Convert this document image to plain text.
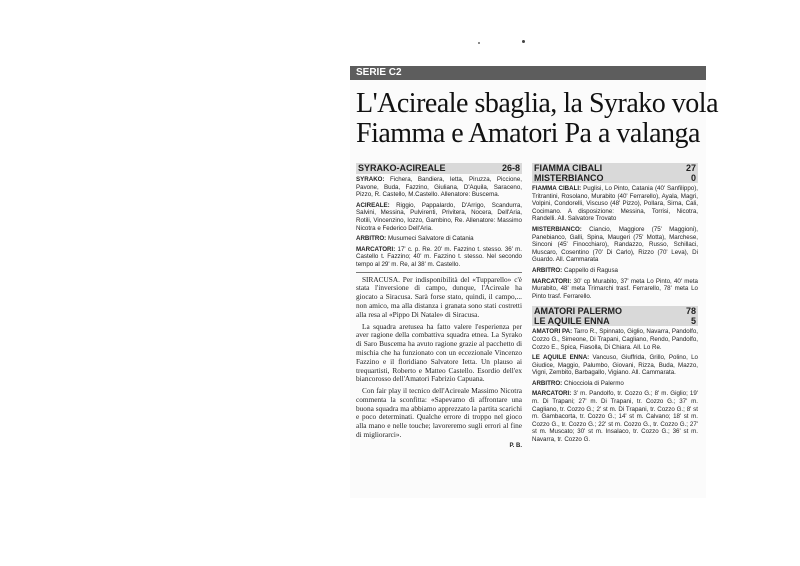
SERIE C2
L'Acireale sbaglia, la Syrako vola
Fiamma e Amatori Pa a valanga
SYRAKO-ACIREALE	26-8

SYRAKO: Fichera, Bandiera, Ietta, Piruzza, Piccione, Pavone, Buda, Fazzino, Giuliana, D'Aquila, Saraceno, Pizzo, R. Castello, M.Castello. Allenatore: Buscema.

ACIREALE: Riggio, Pappalardo, D'Arrigo, Scandurra, Salvini, Messina, Pulvirenti, Privitera, Nocera, Dell'Aria, Rotili, Vincenzino, Iozzo, Gambino, Re. Allenatore: Massimo Nicotra e Federico Dell'Aria.

ARBITRO: Musumeci Salvatore di Catania

MARCATORI: 17' c. p. Re. 20' m. Fazzino t. stesso. 36' m. Castello t. Fazzino; 40' m. Fazzino t. stesso. Nel secondo tempo al 29' m. Re, al 38' m. Castello.

SIRACUSA. Per indisponibilità del «Tupparello» c'è stata l'inversione di campo, dunque, l'Acireale ha giocato a Siracusa. Sarà forse stato, quindi, il campo,... non amico, ma alla distanza i granata sono stati costretti alla resa al «Pippo Di Natale» di Siracusa.

La squadra aretusea ha fatto valere l'esperienza per aver ragione della combattiva squadra etnea. La Syrako di Saro Buscema ha avuto ragione grazie al pacchetto di mischia che ha funzionato con un eccezionale Vincenzo Fazzino e il floridiano Salvatore Ietta. Un plauso ai trequartisti, Roberto e Matteo Castello. Esordio dell'ex biancorosso dell'Amatori Fabrizio Capuana.

Con fair play il tecnico dell'Acireale Massimo Nicotra commenta la sconfitta: «Sapevamo di affrontare una buona squadra ma abbiamo apprezzato la partita scarichi e poco determinati. Qualche errore di troppo nel gioco alla mano e nelle touche; lavoreremo sugli errori al fine di migliorarci».

P. B.
FIAMMA CIBALI	27
MISTERBIANCO	0

FIAMMA CIBALI: Puglisi, Lo Pinto, Catania (40' Sanfilippo), Tritrantini, Rosolano, Murabito (40' Ferrarello), Ayala, Magri, Volpini, Condorelli, Viscuso (48' Pizzo), Pollara, Sirna, Cali, Cocimano. A disposizione: Messina, Torrisi, Nicotra, Randelli. All. Salvatore Trovato

MISTERBIANCO: Ciancio, Maggiore (75' Maggioni), Panebianco, Galli, Spina, Maugeri (75' Motta), Marchese, Sinconi (45' Finocchiaro), Randazzo, Russo, Schillaci, Muscaro, Cosentino (70' Di Carlo), Rizzo (70' Leva), Di Guardo. All. Cammarata

ARBITRO: Cappello di Ragusa

MARCATORI: 30' cp Murabito, 37' meta Lo Pinto, 40' meta Murabito, 48' meta Trimarchi trasf. Ferrarello, 78' meta Lo Pinto trasf. Ferrarello.

AMATORI PALERMO	78
LE AQUILE ENNA	5

AMATORI PA: Tarro R., Spinnato, Giglio, Navarra, Pandolfo, Cozzo G., Simeone, Di Trapani, Cagliano, Rendo, Pandolfo, Cozzo E., Spica, Fiasolla, Di Chiara. All. Lo Re.

LE AQUILE ENNA: Vancuso, Giuffrida, Grillo, Polino, Lo Giudice, Maggio, Palumbo, Giovani, Rizza, Buda, Mazzo, Vigni, Zembito, Barbagallo, Vigiano. All. Cammarata.

ARBITRO: Chiocciola di Palermo

MARCATORI: 3' m. Pandolfo, tr. Cozzo G.; 8' m. Giglio; 19' m. Di Trapani; 27' m. Di Trapani, tr. Cozzo G.; 37' m. Cagliano, tr. Cozzo G.; 2' st m. Di Trapani, tr. Cozzo G.; 8' st m. Gambacorta, tr. Cozzo G.; 14' st m. Calvano; 18' st m. Cozzo G., tr. Cozzo G.; 22' st m. Cozzo G., tr. Cozzo G.; 27' st m. Muscato; 30' st m. Insalaco, tr. Cozzo G.; 36' st m. Navarra, tr. Cozzo G.
